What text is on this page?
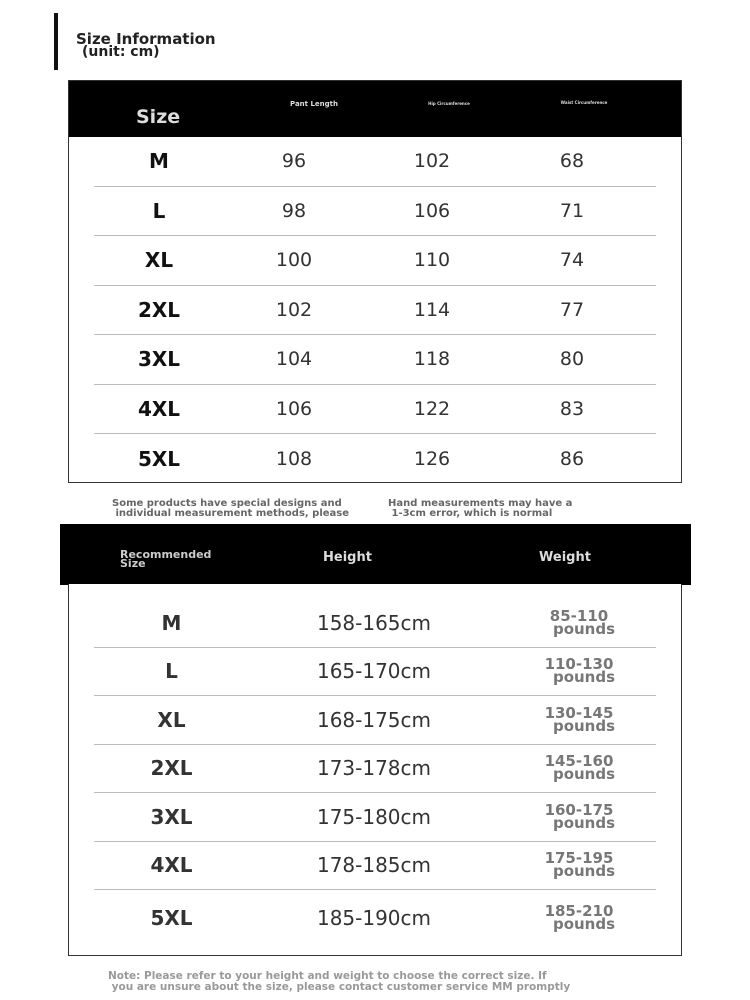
Size Information
(unit: cm)
Size
Pant Length	Hip Circumference	Waist Circumference
M	96	102	68
L	98	106	71
XL	100	110	74
2XL	102	114	77
3XL	104	118	80
4XL	106	122	83
5XL	108	126	86
Some products have special designs and
individual measurement methods, please
Hand measurements may have a
1-3cm error, which is normal
Recommended
Size	Height	Weight
M	158-165cm	85-110
pounds
L	165-170cm	110-130
pounds
XL	168-175cm	130-145
pounds
2XL	173-178cm	145-160
pounds
3XL	175-180cm	160-175
pounds
4XL	178-185cm	175-195
pounds
5XL	185-190cm	185-210
pounds
Note: Please refer to your height and weight to choose the correct size. If
you are unsure about the size, please contact customer service MM promptly
